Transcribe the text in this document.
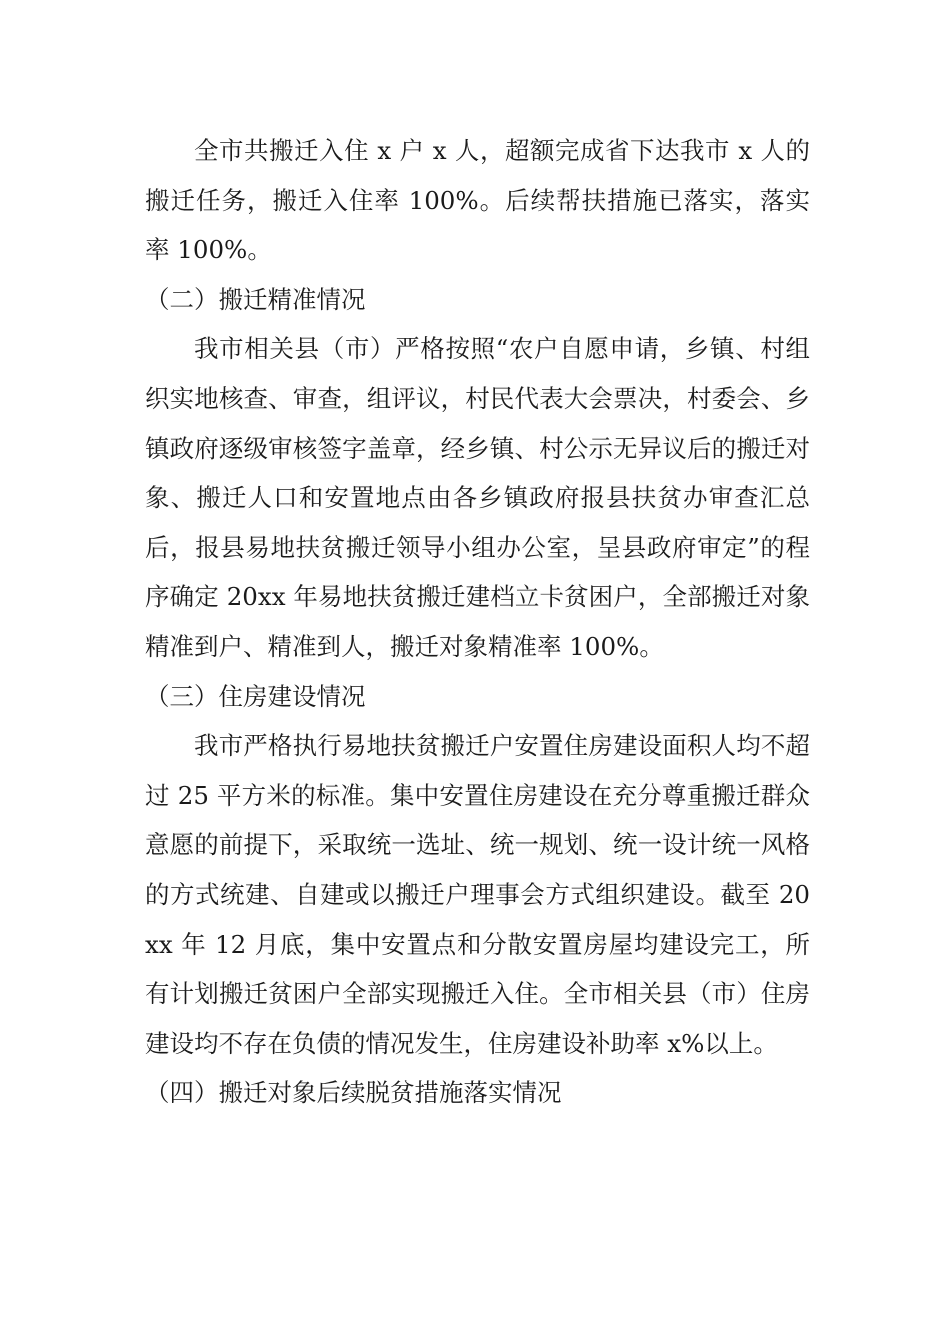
全市共搬迁入住 x 户 x 人，超额完成省下达我市 x 人的搬迁任务，搬迁入住率 100%。后续帮扶措施已落实，落实率 100%。

（二）搬迁精准情况

我市相关县（市）严格按照“农户自愿申请，乡镇、村组织实地核查、审查，组评议，村民代表大会票决，村委会、乡镇政府逐级审核签字盖章，经乡镇、村公示无异议后的搬迁对象、搬迁人口和安置地点由各乡镇政府报县扶贫办审查汇总后，报县易地扶贫搬迁领导小组办公室，呈县政府审定”的程序确定 20xx 年易地扶贫搬迁建档立卡贫困户，全部搬迁对象精准到户、精准到人，搬迁对象精准率 100%。

（三）住房建设情况

我市严格执行易地扶贫搬迁户安置住房建设面积人均不超过 25 平方米的标准。集中安置住房建设在充分尊重搬迁群众意愿的前提下，采取统一选址、统一规划、统一设计统一风格的方式统建、自建或以搬迁户理事会方式组织建设。截至 20xx 年 12 月底，集中安置点和分散安置房屋均建设完工，所有计划搬迁贫困户全部实现搬迁入住。全市相关县（市）住房建设均不存在负债的情况发生，住房建设补助率 x%以上。

（四）搬迁对象后续脱贫措施落实情况
